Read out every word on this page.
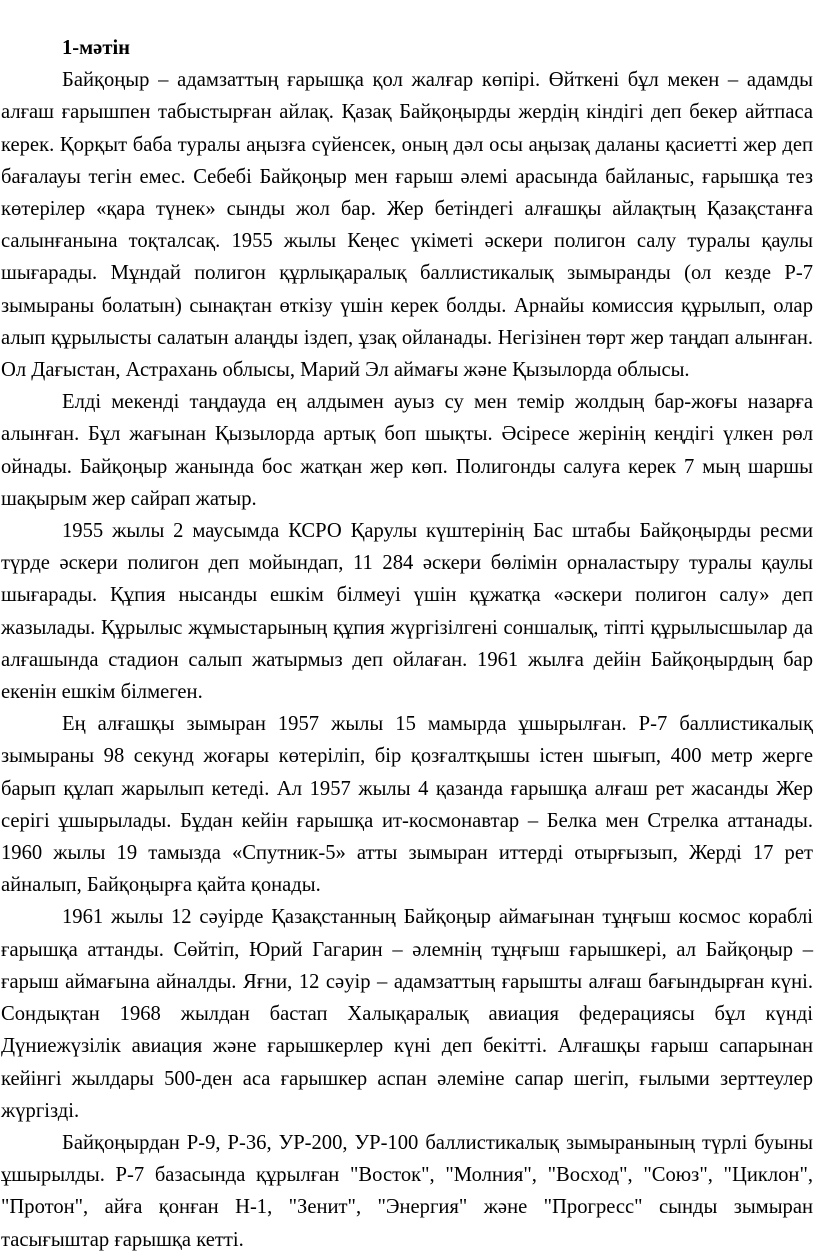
1-мәтін

Байқоңыр – адамзаттың ғарышқа қол жалғар көпірі. Өйткені бұл мекен – адамды алғаш ғарышпен табыстырған айлақ. Қазақ Байқоңырды жердің кіндігі деп бекер айтпаса керек. Қорқыт баба туралы аңызға сүйенсек, оның дәл осы аңызақ даланы қасиетті жер деп бағалауы тегін емес. Себебі Байқоңыр мен ғарыш әлемі арасында байланыс, ғарышқа тез көтерілер «қара түнек» сынды жол бар. Жер бетіндегі алғашқы айлақтың Қазақстанға салынғанына тоқталсақ. 1955 жылы Кеңес үкіметі әскери полигон салу туралы қаулы шығарады. Мұндай полигон құрлықаралық баллистикалық зымыранды (ол кезде Р-7 зымыраны болатын) сынақтан өткізу үшін керек болды. Арнайы комиссия құрылып, олар алып құрылысты салатын алаңды іздеп, ұзақ ойланады. Негізінен төрт жер таңдап алынған. Ол Дағыстан, Астрахань облысы, Марий Эл аймағы және Қызылорда облысы.

Елді мекенді таңдауда ең алдымен ауыз су мен темір жолдың бар-жоғы назарға алынған. Бұл жағынан Қызылорда артық боп шықты. Әсіресе жерінің кеңдігі үлкен рөл ойнады. Байқоңыр жанында бос жатқан жер көп. Полигонды салуға керек 7 мың шаршы шақырым жер сайрап жатыр.

1955 жылы 2 маусымда КСРО Қарулы күштерінің Бас штабы Байқоңырды ресми түрде әскери полигон деп мойындап, 11 284 әскери бөлімін орналастыру туралы қаулы шығарады. Құпия нысанды ешкім білмеуі үшін құжатқа «әскери полигон салу» деп жазылады. Құрылыс жұмыстарының құпия жүргізілгені соншалық, тіпті құрылысшылар да алғашында стадион салып жатырмыз деп ойлаған. 1961 жылға дейін Байқоңырдың бар екенін ешкім білмеген.

Ең алғашқы зымыран 1957 жылы 15 мамырда ұшырылған. Р-7 баллистикалық зымыраны 98 секунд жоғары көтеріліп, бір қозғалтқышы істен шығып, 400 метр жерге барып құлап жарылып кетеді. Ал 1957 жылы 4 қазанда ғарышқа алғаш рет жасанды Жер серігі ұшырылады. Бұдан кейін ғарышқа ит-космонавтар – Белка мен Стрелка аттанады. 1960 жылы 19 тамызда «Спутник-5» атты зымыран иттерді отырғызып, Жерді 17 рет айналып, Байқоңырға қайта қонады.

1961 жылы 12 сәуірде Қазақстанның Байқоңыр аймағынан тұңғыш космос кораблі ғарышқа аттанды. Сөйтіп, Юрий Гагарин – әлемнің тұңғыш ғарышкері, ал Байқоңыр – ғарыш аймағына айналды. Яғни, 12 сәуір – адамзаттың ғарышты алғаш бағындырған күні. Сондықтан 1968 жылдан бастап Халықаралық авиация федерациясы бұл күнді Дүниежүзілік авиация және ғарышкерлер күні деп бекітті. Алғашқы ғарыш сапарынан кейінгі жылдары 500-ден аса ғарышкер аспан әлеміне сапар шегіп, ғылыми зерттеулер жүргізді.

Байқоңырдан Р-9, Р-36, УР-200, УР-100 баллистикалық зымыранының түрлі буыны ұшырылды. Р-7 базасында құрылған "Восток", "Молния", "Восход", "Союз", "Циклон", "Протон", айға қонған Н-1, "Зенит", "Энергия" және "Прогресс" сынды зымыран тасығыштар ғарышқа кетті.
